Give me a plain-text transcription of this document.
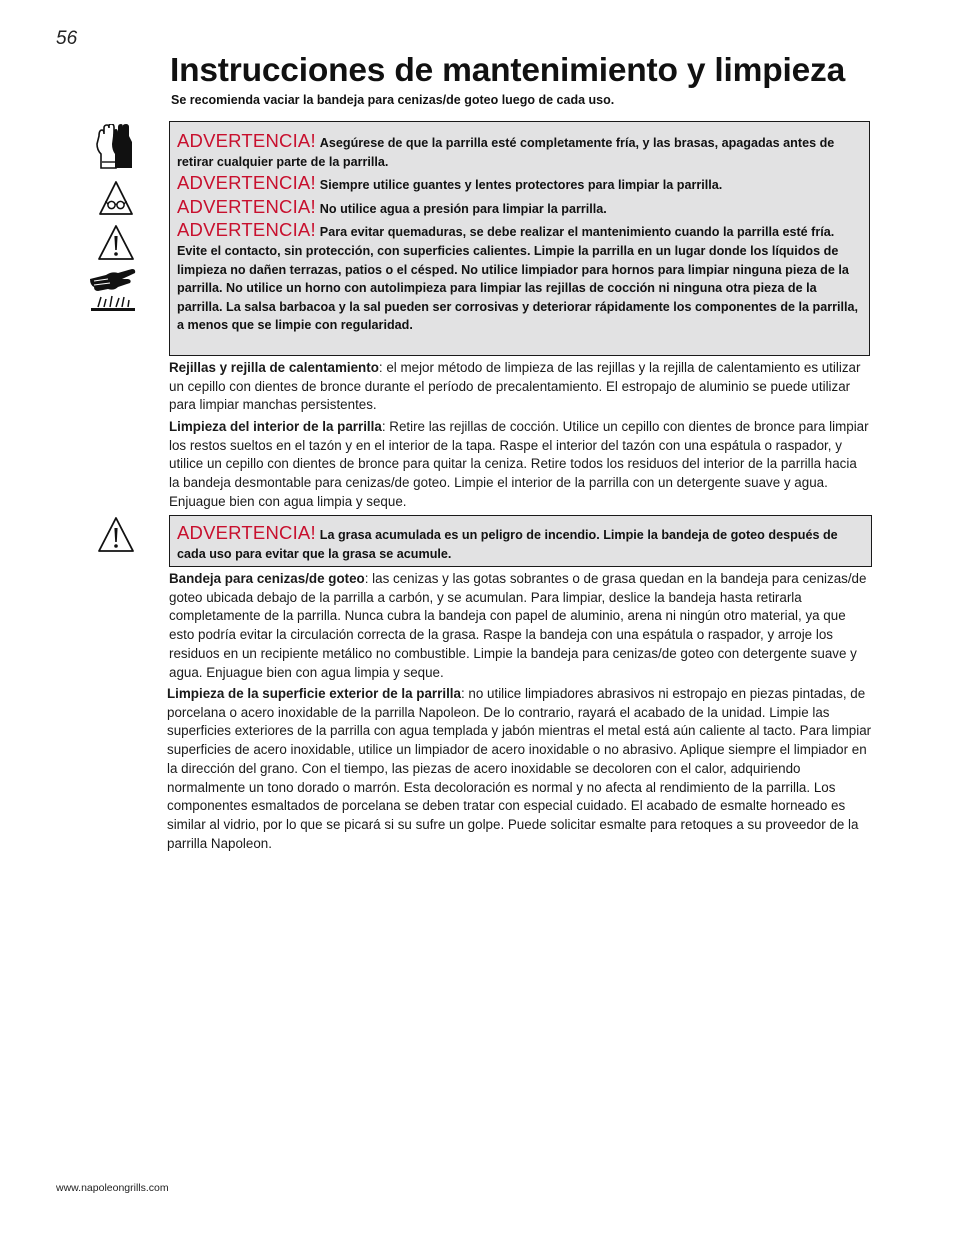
56
Instrucciones de mantenimiento y limpieza

Se recomienda vaciar la bandeja para cenizas/de goteo luego de cada uso.

ADVERTENCIA! Asegúrese de que la parrilla esté completamente fría, y las brasas, apagadas antes de retirar cualquier parte de la parrilla.

ADVERTENCIA! Siempre utilice guantes y lentes protectores para limpiar la parrilla.

ADVERTENCIA! No utilice agua a presión para limpiar la parrilla.

ADVERTENCIA! Para evitar quemaduras, se debe realizar el mantenimiento cuando la parrilla esté fría. Evite el contacto, sin protección, con superficies calientes. Limpie la parrilla en un lugar donde los líquidos de limpieza no dañen terrazas, patios o el césped. No utilice limpiador para hornos para limpiar ninguna pieza de la parrilla. No utilice un horno con autolimpieza para limpiar las rejillas de cocción ni ninguna otra pieza de la parrilla. La salsa barbacoa y la sal pueden ser corrosivas y deteriorar rápidamente los componentes de la parrilla, a menos que se limpie con regularidad.

Rejillas y rejilla de calentamiento: el mejor método de limpieza de las rejillas y la rejilla de calentamiento es utilizar un cepillo con dientes de bronce durante el período de precalentamiento. El estropajo de aluminio se puede utilizar para limpiar manchas persistentes.

Limpieza del interior de la parrilla: Retire las rejillas de cocción. Utilice un cepillo con dientes de bronce para limpiar los restos sueltos en el tazón y en el interior de la tapa. Raspe el interior del tazón con una espátula o raspador, y utilice un cepillo con dientes de bronce para quitar la ceniza. Retire todos los residuos del interior de la parrilla hacia la bandeja desmontable para cenizas/de goteo. Limpie el interior de la parrilla con un detergente suave y agua. Enjuague bien con agua limpia y seque.

ADVERTENCIA! La grasa acumulada es un peligro de incendio. Limpie la bandeja de goteo después de cada uso para evitar que la grasa se acumule.

Bandeja para cenizas/de goteo: las cenizas y las gotas sobrantes o de grasa quedan en la bandeja para cenizas/de goteo ubicada debajo de la parrilla a carbón, y se acumulan. Para limpiar, deslice la bandeja hasta retirarla completamente de la parrilla. Nunca cubra la bandeja con papel de aluminio, arena ni ningún otro material, ya que esto podría evitar la circulación correcta de la grasa. Raspe la bandeja con una espátula o raspador, y arroje los residuos en un recipiente metálico no combustible. Limpie la bandeja para cenizas/de goteo con detergente suave y agua. Enjuague bien con agua limpia y seque.

Limpieza de la superficie exterior de la parrilla: no utilice limpiadores abrasivos ni estropajo en piezas pintadas, de porcelana o acero inoxidable de la parrilla Napoleon. De lo contrario, rayará el acabado de la unidad. Limpie las superficies exteriores de la parrilla con agua templada y jabón mientras el metal está aún caliente al tacto. Para limpiar superficies de acero inoxidable, utilice un limpiador de acero inoxidable o no abrasivo. Aplique siempre el limpiador en la dirección del grano. Con el tiempo, las piezas de acero inoxidable se decoloren con el calor, adquiriendo normalmente un tono dorado o marrón. Esta decoloración es normal y no afecta al rendimiento de la parrilla. Los componentes esmaltados de porcelana se deben tratar con especial cuidado. El acabado de esmalte horneado es similar al vidrio, por lo que se picará si su sufre un golpe. Puede solicitar esmalte para retoques a su proveedor de la parrilla Napoleon.

www.napoleongrills.com
